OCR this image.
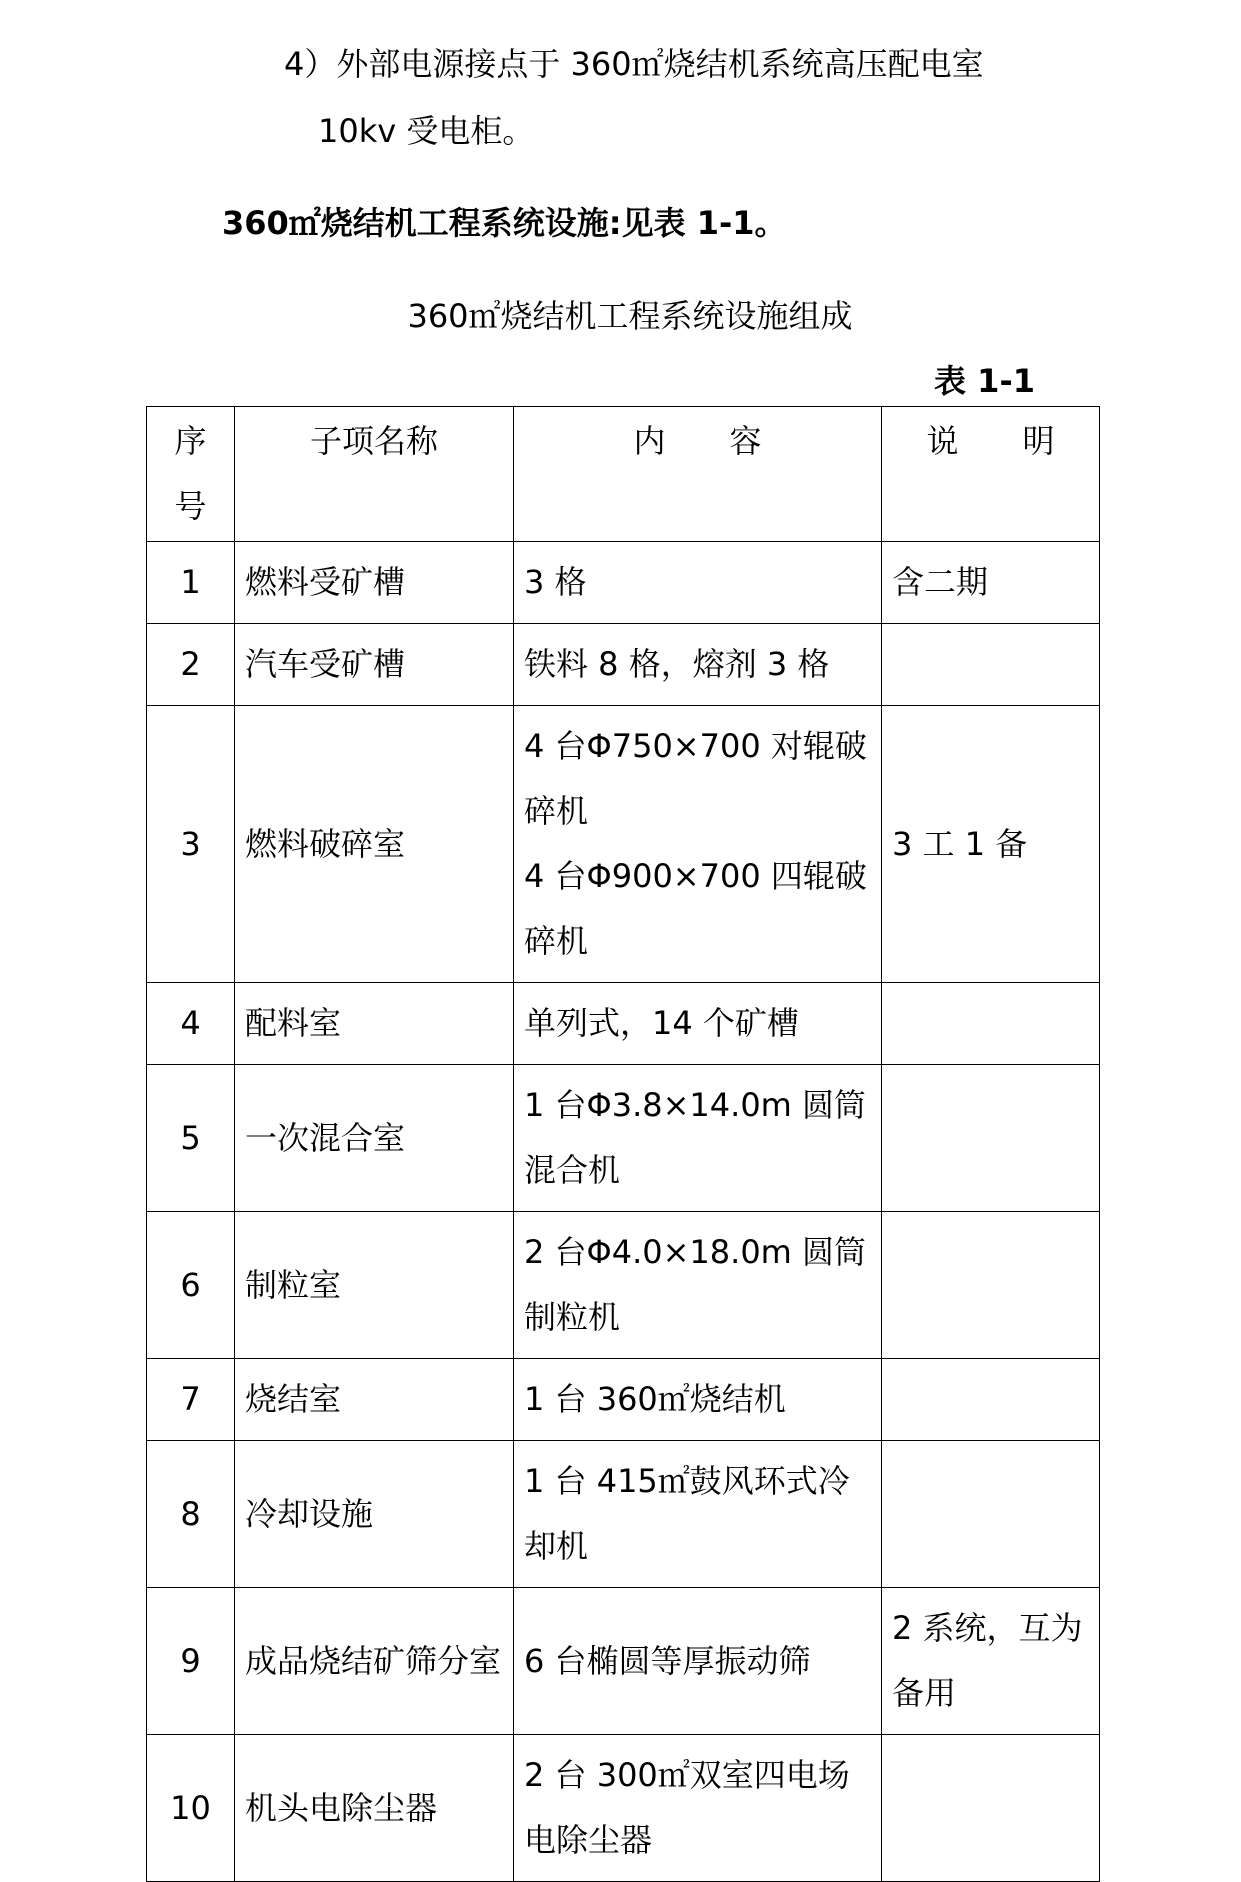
4）外部电源接点于 360㎡烧结机系统高压配电室
10kv 受电柜。
360㎡烧结机工程系统设施:见表 1-1。
360㎡烧结机工程系统设施组成
表 1-1
序
号	子项名称	内　　容	说　　明
1	燃料受矿槽	3 格	含二期
2	汽车受矿槽	铁料 8 格，熔剂 3 格	

3	燃料破碎室	4 台Φ750×700 对辊破碎机
4 台Φ900×700 四辊破碎机	3 工 1 备
4	配料室	单列式，14 个矿槽	

5	一次混合室	1 台Φ3.8×14.0m 圆筒混合机	

6	制粒室	2 台Φ4.0×18.0m 圆筒制粒机	

7	烧结室	1 台 360㎡烧结机	

8	冷却设施	1 台 415㎡鼓风环式冷却机	

9	成品烧结矿筛分室	6 台椭圆等厚振动筛	2 系统，互为备用
10	机头电除尘器	2 台 300㎡双室四电场电除尘器	
